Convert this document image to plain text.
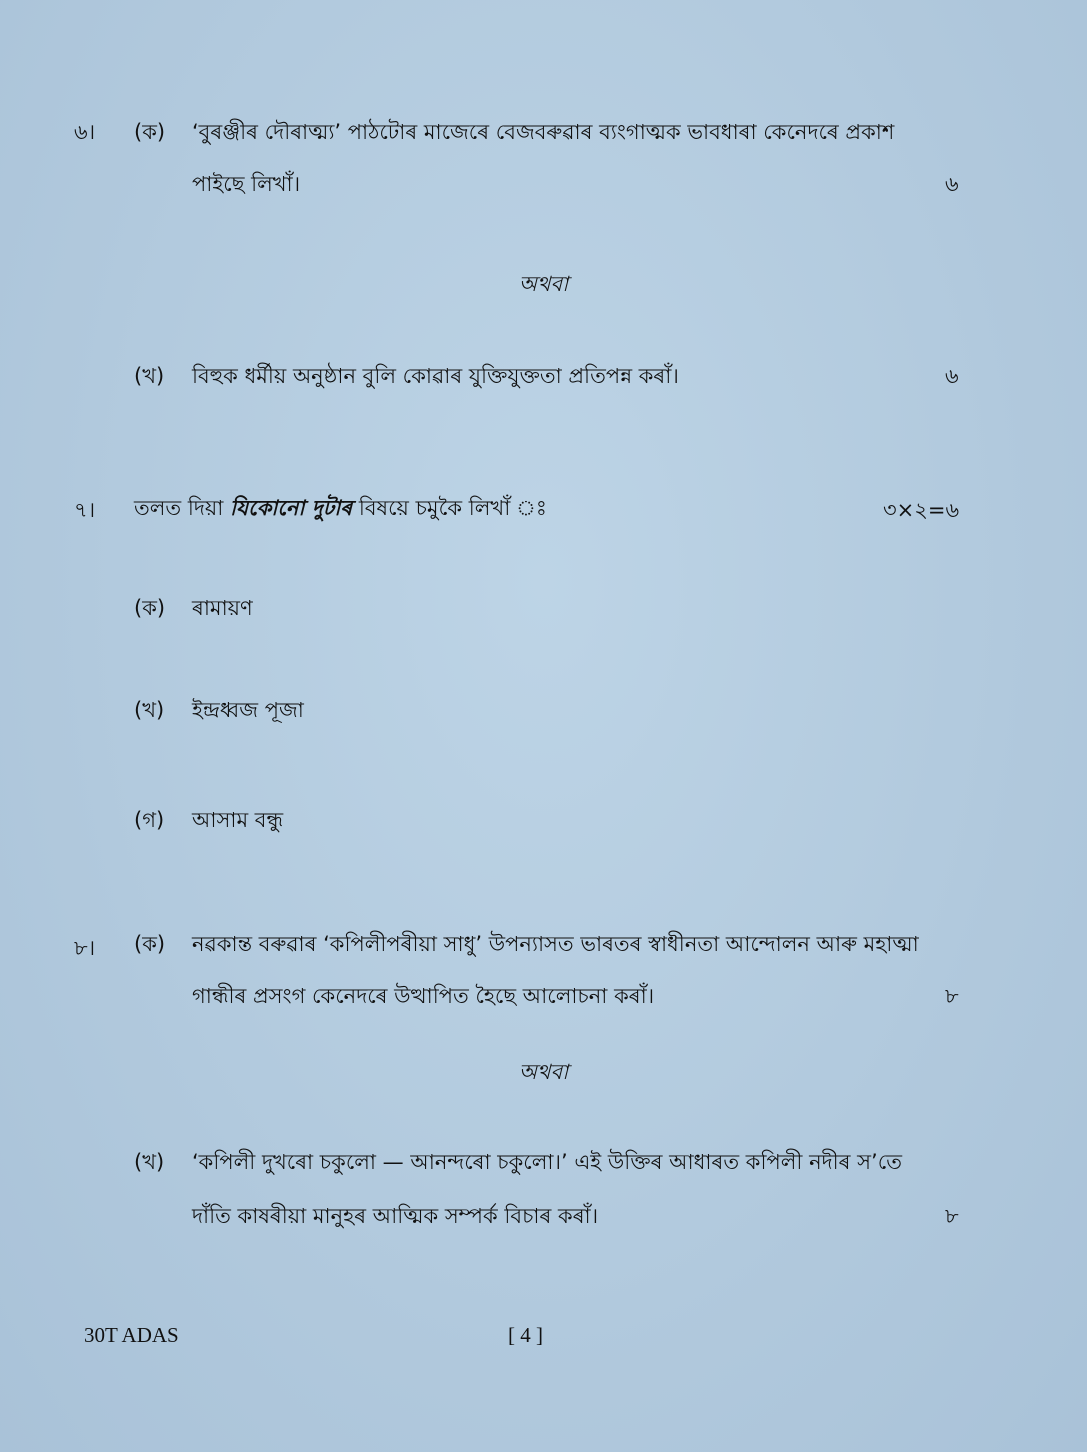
৬। (ক) ‘বুৰঞ্জীৰ দৌৰাত্ম্য’ পাঠটোৰ মাজেৰে বেজবৰুৱাৰ ব্যংগাত্মক ভাবধাৰা কেনেদৰে প্ৰকাশ
পাইছে লিখাঁ।	৬
অথবা
(খ) বিহুক ধৰ্মীয় অনুষ্ঠান বুলি কোৱাৰ যুক্তিযুক্ততা প্ৰতিপন্ন কৰাঁ।	৬
৭। তলত দিয়া যিকোনো দুটাৰ বিষয়ে চমুকৈ লিখাঁ ঃ	৩×২=৬
(ক) ৰামায়ণ
(খ) ইন্দ্ৰধ্বজ পূজা
(গ) আসাম বন্ধু
৮। (ক) নৱকান্ত বৰুৱাৰ ‘কপিলীপৰীয়া সাধু’ উপন্যাসত ভাৰতৰ স্বাধীনতা আন্দোলন আৰু মহাত্মা
গান্ধীৰ প্ৰসংগ কেনেদৰে উত্থাপিত হৈছে আলোচনা কৰাঁ।	৮
অথবা
(খ) ‘কপিলী দুখৰো চকুলো — আনন্দৰো চকুলো।’ এই উক্তিৰ আধাৰত কপিলী নদীৰ স’তে
দাঁতি কাষৰীয়া মানুহৰ আত্মিক সম্পৰ্ক বিচাৰ কৰাঁ।	৮
30T ADAS	[ 4 ]
